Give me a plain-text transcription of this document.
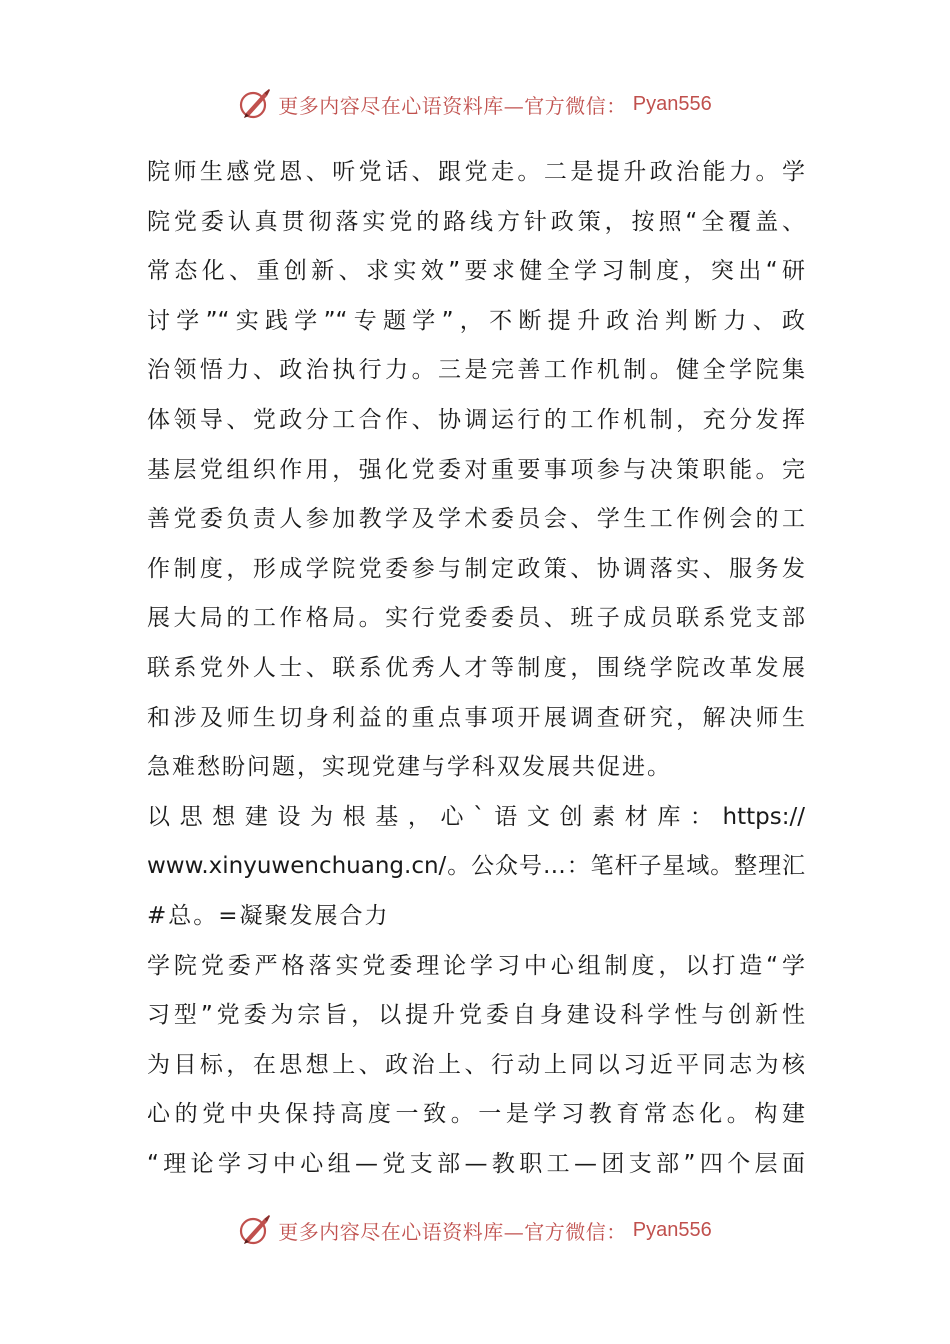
更多内容尽在心语资料库—官方微信： Pyan556
院师生感党恩、听党话、跟党走。二是提升政治能力。学
院党委认真贯彻落实党的路线方针政策，按照“全覆盖、
常态化、重创新、求实效”要求健全学习制度，突出“研
讨学”“实践学”“专题学”，不断提升政治判断力、政
治领悟力、政治执行力。三是完善工作机制。健全学院集
体领导、党政分工合作、协调运行的工作机制，充分发挥
基层党组织作用，强化党委对重要事项参与决策职能。完
善党委负责人参加教学及学术委员会、学生工作例会的工
作制度，形成学院党委参与制定政策、协调落实、服务发
展大局的工作格局。实行党委委员、班子成员联系党支部
联系党外人士、联系优秀人才等制度，围绕学院改革发展
和涉及师生切身利益的重点事项开展调查研究，解决师生
急难愁盼问题，实现党建与学科双发展共促进。
以思想建设为根基，心`语文创素材库：https://
www.xinyuwenchuang.cn/。公众号…：笔杆子星域。整理汇
#总。=凝聚发展合力
学院党委严格落实党委理论学习中心组制度，以打造“学
习型”党委为宗旨，以提升党委自身建设科学性与创新性
为目标，在思想上、政治上、行动上同以习近平同志为核
心的党中央保持高度一致。一是学习教育常态化。构建
“理论学习中心组—党支部—教职工—团支部”四个层面
更多内容尽在心语资料库—官方微信： Pyan556
